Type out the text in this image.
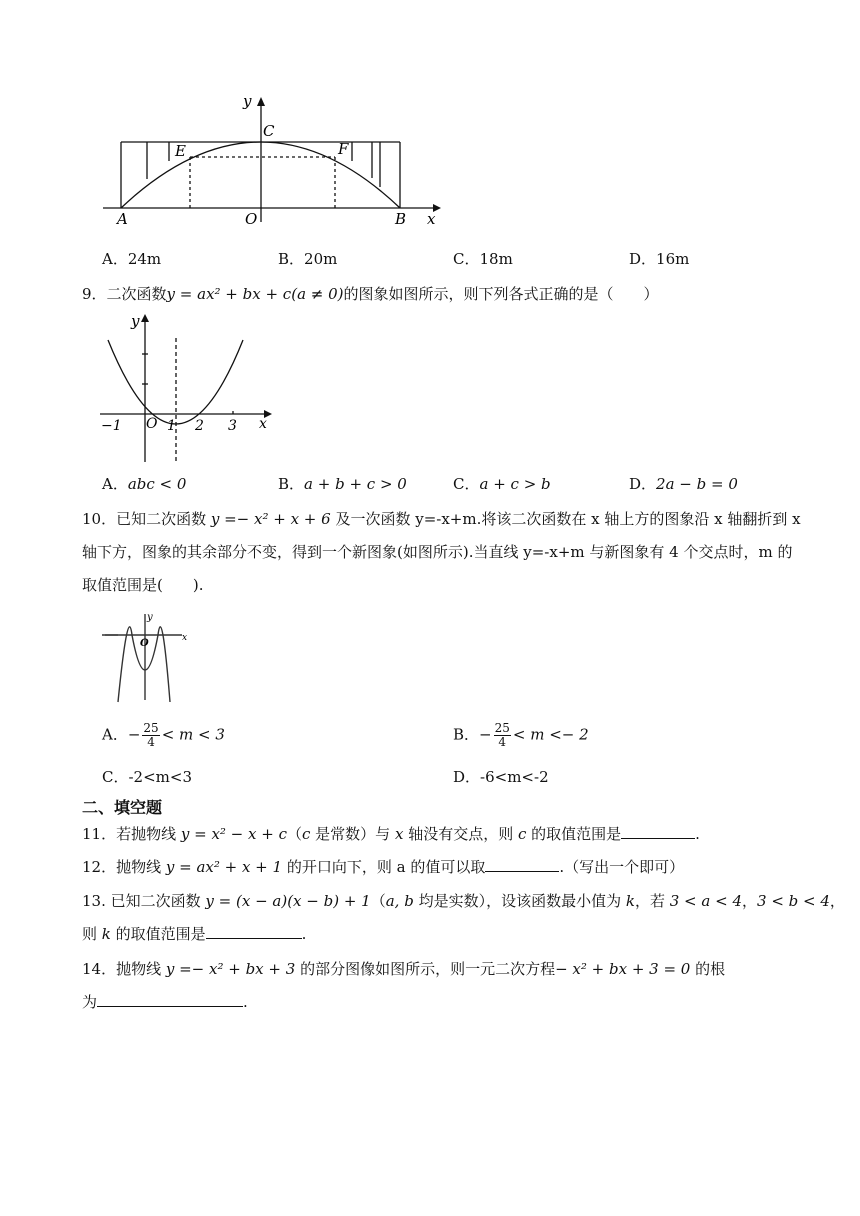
y
x
C
E	F
A	O	B
A．24m	B．20m	C．18m	D．16m
9．二次函数y = ax² + bx + c(a ≠ 0)的图象如图所示，则下列各式正确的是（　　）
y
x
−1 O 1 2 3
A．abc < 0	B．a + b + c > 0	C．a + c > b	D．2a − b = 0
10．已知二次函数 y =− x² + x + 6 及一次函数 y=-x+m.将该二次函数在 x 轴上方的图象沿 x 轴翻折到 x
轴下方，图象的其余部分不变，得到一个新图象(如图所示).当直线 y=-x+m 与新图象有 4 个交点时，m 的
取值范围是(　　).
y
O	x
A．− $\frac{25}{4} < m < 3$	B．− $\frac{25}{4} < m <- 2$
C．-2<m<3	D．-6<m<-2
二、填空题
11．若抛物线 y = x² − x + c（c 是常数）与 x 轴没有交点，则 c 的取值范围是	.
12．抛物线 y = ax² + x + 1 的开口向下，则 a 的值可以取	.（写出一个即可）
13. 已知二次函数 y = (x − a)(x − b) + 1（a, b 均是实数），设该函数最小值为 k，若 3 < a < 4，3 < b < 4，
则 k 的取值范围是	.
14．抛物线 y =− x² + bx + 3 的部分图像如图所示，则一元二次方程− x² + bx + 3 = 0 的根
为	.
